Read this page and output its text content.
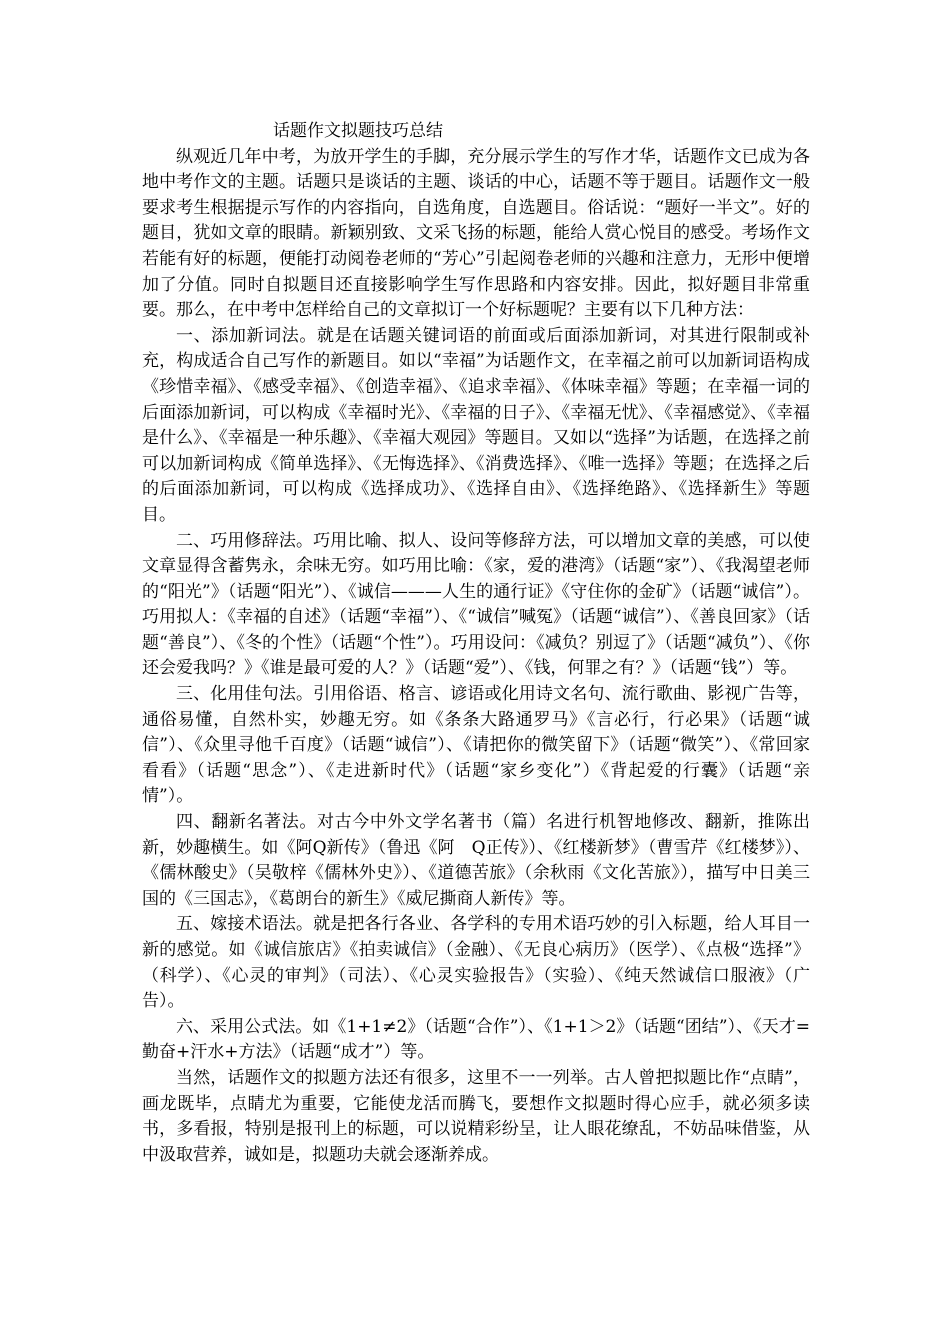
话题作文拟题技巧总结

纵观近几年中考，为放开学生的手脚，充分展示学生的写作才华，话题作文已成为各地中考作文的主题。话题只是谈话的主题、谈话的中心，话题不等于题目。话题作文一般要求考生根据提示写作的内容指向，自选角度，自选题目。俗话说：“题好一半文”。好的题目，犹如文章的眼睛。新颖别致、文采飞扬的标题，能给人赏心悦目的感受。考场作文若能有好的标题，便能打动阅卷老师的“芳心”引起阅卷老师的兴趣和注意力，无形中便增加了分值。同时自拟题目还直接影响学生写作思路和内容安排。因此，拟好题目非常重要。那么，在中考中怎样给自己的文章拟订一个好标题呢？主要有以下几种方法：

一、添加新词法。就是在话题关键词语的前面或后面添加新词，对其进行限制或补充，构成适合自己写作的新题目。如以“幸福”为话题作文，在幸福之前可以加新词语构成《珍惜幸福》、《感受幸福》、《创造幸福》、《追求幸福》、《体味幸福》等题；在幸福一词的后面添加新词，可以构成《幸福时光》、《幸福的日子》、《幸福无忧》、《幸福感觉》、《幸福是什么》、《幸福是一种乐趣》、《幸福大观园》等题目。又如以“选择”为话题，在选择之前可以加新词构成《简单选择》、《无悔选择》、《消费选择》、《唯一选择》等题；在选择之后的后面添加新词，可以构成《选择成功》、《选择自由》、《选择绝路》、《选择新生》等题目。

二、巧用修辞法。巧用比喻、拟人、设问等修辞方法，可以增加文章的美感，可以使文章显得含蓄隽永，余味无穷。如巧用比喻：《家，爱的港湾》（话题“家”）、《我渴望老师的“阳光”》（话题“阳光”）、《诚信———人生的通行证》《守住你的金矿》（话题“诚信”）。巧用拟人：《幸福的自述》（话题“幸福”）、《“诚信”喊冤》（话题“诚信”）、《善良回家》（话题“善良”）、《冬的个性》（话题“个性”）。巧用设问：《减负？别逗了》（话题“减负”）、《你还会爱我吗？》《谁是最可爱的人？》（话题“爱”）、《钱，何罪之有？》（话题“钱”）等。

三、化用佳句法。引用俗语、格言、谚语或化用诗文名句、流行歌曲、影视广告等，通俗易懂，自然朴实，妙趣无穷。如《条条大路通罗马》《言必行，行必果》（话题“诚信”）、《众里寻他千百度》（话题“诚信”）、《请把你的微笑留下》（话题“微笑”）、《常回家看看》（话题“思念”）、《走进新时代》（话题“家乡变化”）《背起爱的行囊》（话题“亲情”）。

四、翻新名著法。对古今中外文学名著书（篇）名进行机智地修改、翻新，推陈出新，妙趣横生。如《阿Q新传》（鲁迅《阿　Q正传》）、《红楼新梦》（曹雪芹《红楼梦》）、《儒林酸史》（吴敬梓《儒林外史》）、《道德苦旅》（余秋雨《文化苦旅》），描写中日美三国的《三国志》，《葛朗台的新生》《威尼撕商人新传》等。

五、嫁接术语法。就是把各行各业、各学科的专用术语巧妙的引入标题，给人耳目一新的感觉。如《诚信旅店》《拍卖诚信》（金融）、《无良心病历》（医学）、《点极“选择”》（科学）、《心灵的审判》（司法）、《心灵实验报告》（实验）、《纯天然诚信口服液》（广告）。

六、采用公式法。如《1+1≠2》（话题“合作”）、《1+1＞2》（话题“团结”）、《天才=勤奋+汗水+方法》（话题“成才”）等。

当然，话题作文的拟题方法还有很多，这里不一一列举。古人曾把拟题比作“点睛”，画龙既毕，点睛尤为重要，它能使龙活而腾飞，要想作文拟题时得心应手，就必须多读书，多看报，特别是报刊上的标题，可以说精彩纷呈，让人眼花缭乱，不妨品味借鉴，从中汲取营养，诚如是，拟题功夫就会逐渐养成。
